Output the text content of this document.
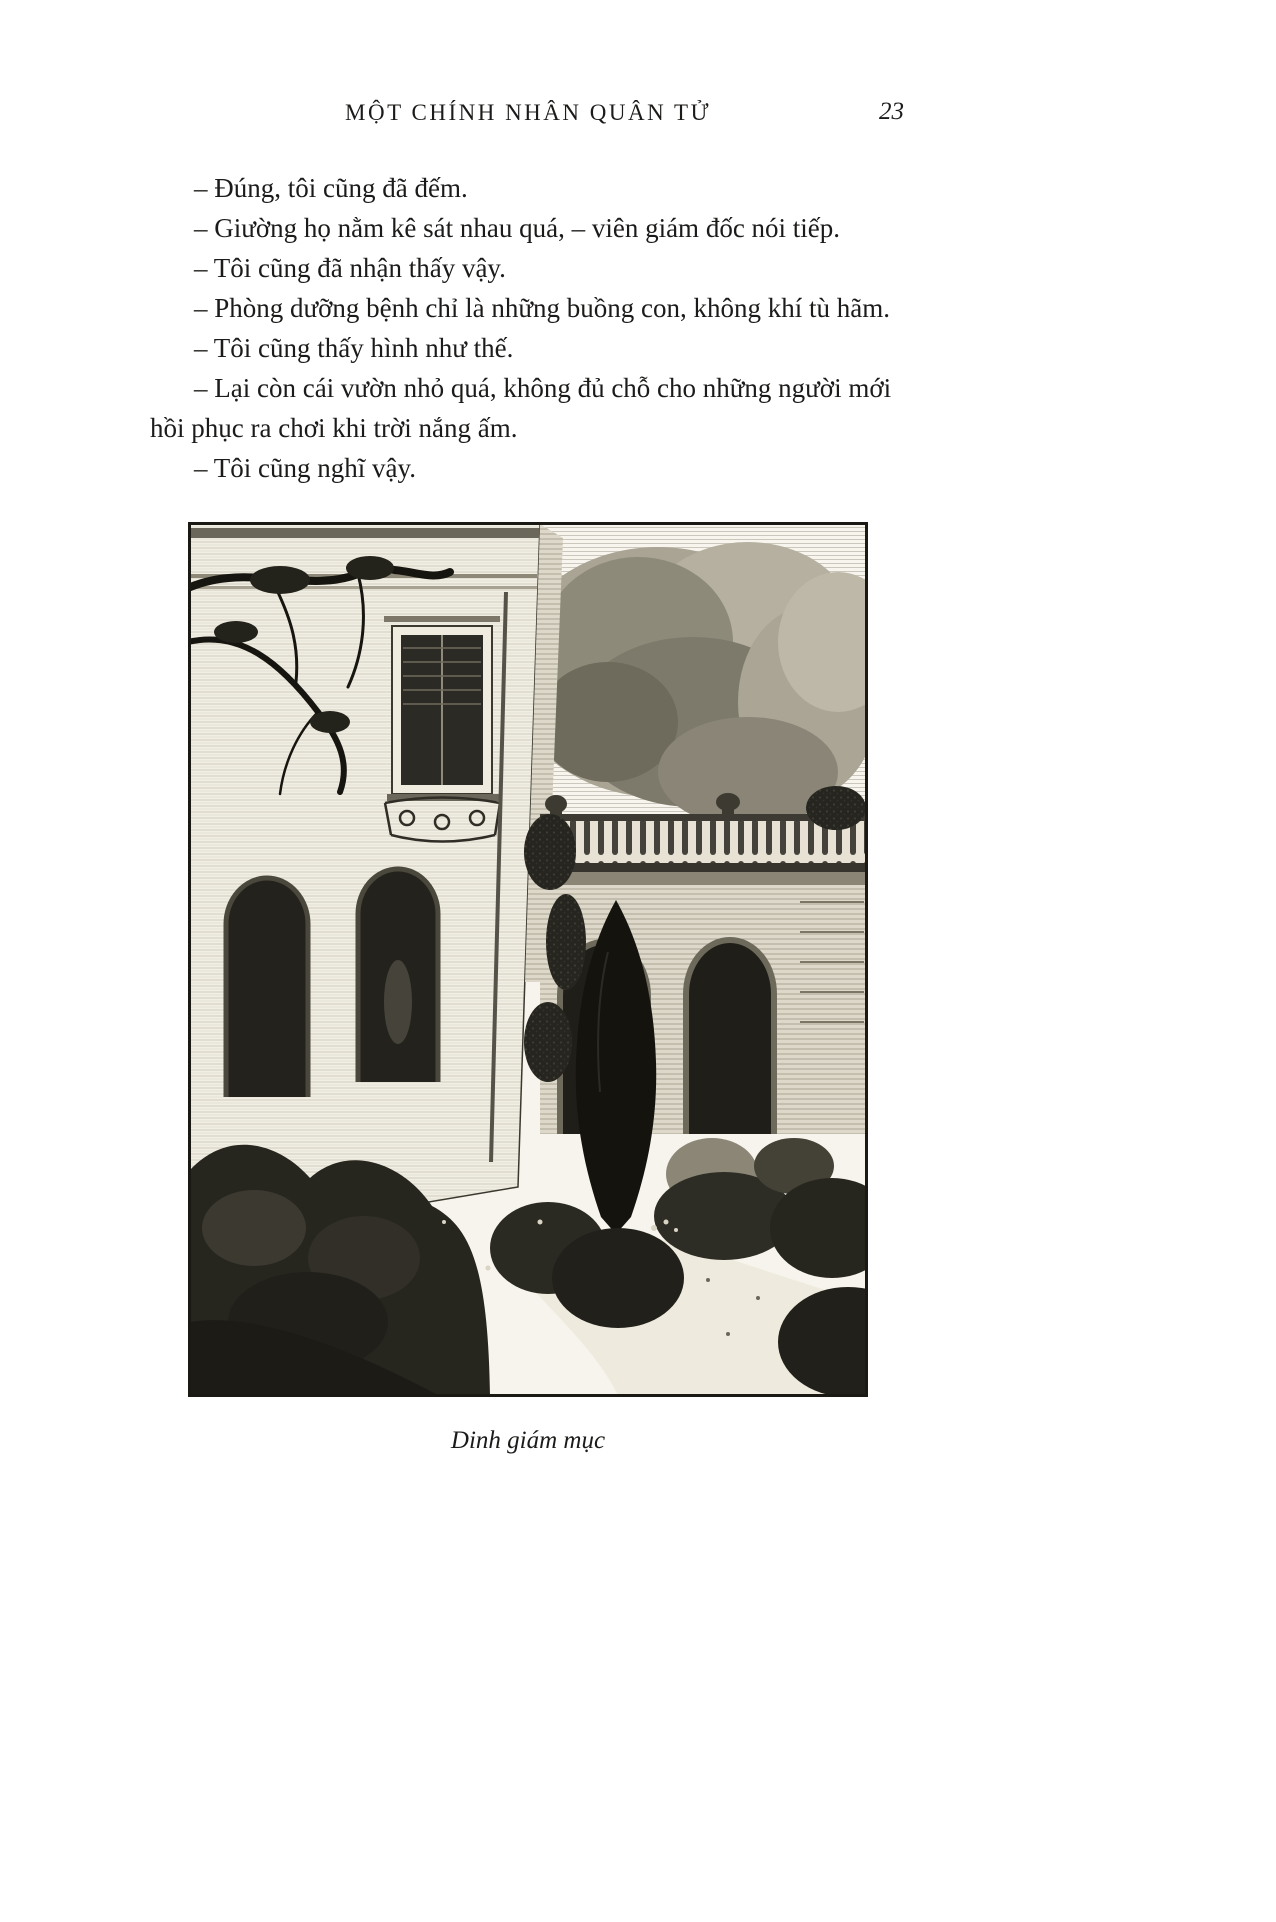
MỘT CHÍNH NHÂN QUÂN TỬ	23

– Đúng, tôi cũng đã đếm.

– Giường họ nằm kê sát nhau quá, – viên giám đốc nói tiếp.

– Tôi cũng đã nhận thấy vậy.

– Phòng dưỡng bệnh chỉ là những buồng con, không khí tù hãm.

– Tôi cũng thấy hình như thế.

– Lại còn cái vườn nhỏ quá, không đủ chỗ cho những người mới hồi phục ra chơi khi trời nắng ấm.

– Tôi cũng nghĩ vậy.

Dinh giám mục
